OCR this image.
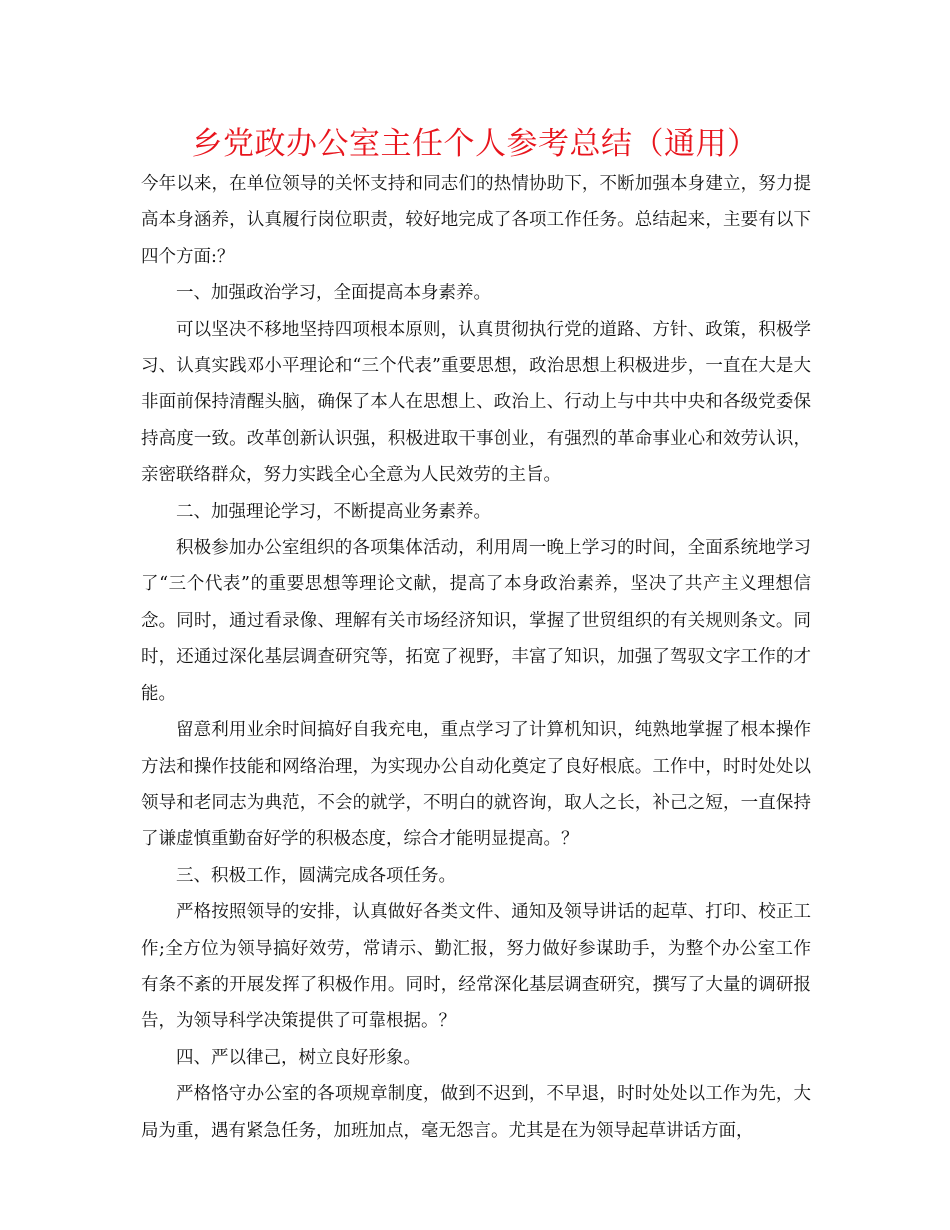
乡党政办公室主任个人参考总结（通用）

今年以来，在单位领导的关怀支持和同志们的热情协助下，不断加强本身建立，努力提高本身涵养，认真履行岗位职责，较好地完成了各项工作任务。总结起来，主要有以下四个方面:？

一、加强政治学习，全面提高本身素养。

可以坚决不移地坚持四项根本原则，认真贯彻执行党的道路、方针、政策，积极学习、认真实践邓小平理论和“三个代表”重要思想，政治思想上积极进步，一直在大是大非面前保持清醒头脑，确保了本人在思想上、政治上、行动上与中共中央和各级党委保持高度一致。改革创新认识强，积极进取干事创业，有强烈的革命事业心和效劳认识，亲密联络群众，努力实践全心全意为人民效劳的主旨。

二、加强理论学习，不断提高业务素养。

积极参加办公室组织的各项集体活动，利用周一晚上学习的时间，全面系统地学习了“三个代表”的重要思想等理论文献，提高了本身政治素养，坚决了共产主义理想信念。同时，通过看录像、理解有关市场经济知识，掌握了世贸组织的有关规则条文。同时，还通过深化基层调查研究等，拓宽了视野，丰富了知识，加强了驾驭文字工作的才能。

留意利用业余时间搞好自我充电，重点学习了计算机知识，纯熟地掌握了根本操作方法和操作技能和网络治理，为实现办公自动化奠定了良好根底。工作中，时时处处以领导和老同志为典范，不会的就学，不明白的就咨询，取人之长，补己之短，一直保持了谦虚慎重勤奋好学的积极态度，综合才能明显提高。？

三、积极工作，圆满完成各项任务。

严格按照领导的安排，认真做好各类文件、通知及领导讲话的起草、打印、校正工作;全方位为领导搞好效劳，常请示、勤汇报，努力做好参谋助手，为整个办公室工作有条不紊的开展发挥了积极作用。同时，经常深化基层调查研究，撰写了大量的调研报告，为领导科学决策提供了可靠根据。？

四、严以律己，树立良好形象。

严格恪守办公室的各项规章制度，做到不迟到，不早退，时时处处以工作为先，大局为重，遇有紧急任务，加班加点，毫无怨言。尤其是在为领导起草讲话方面，
